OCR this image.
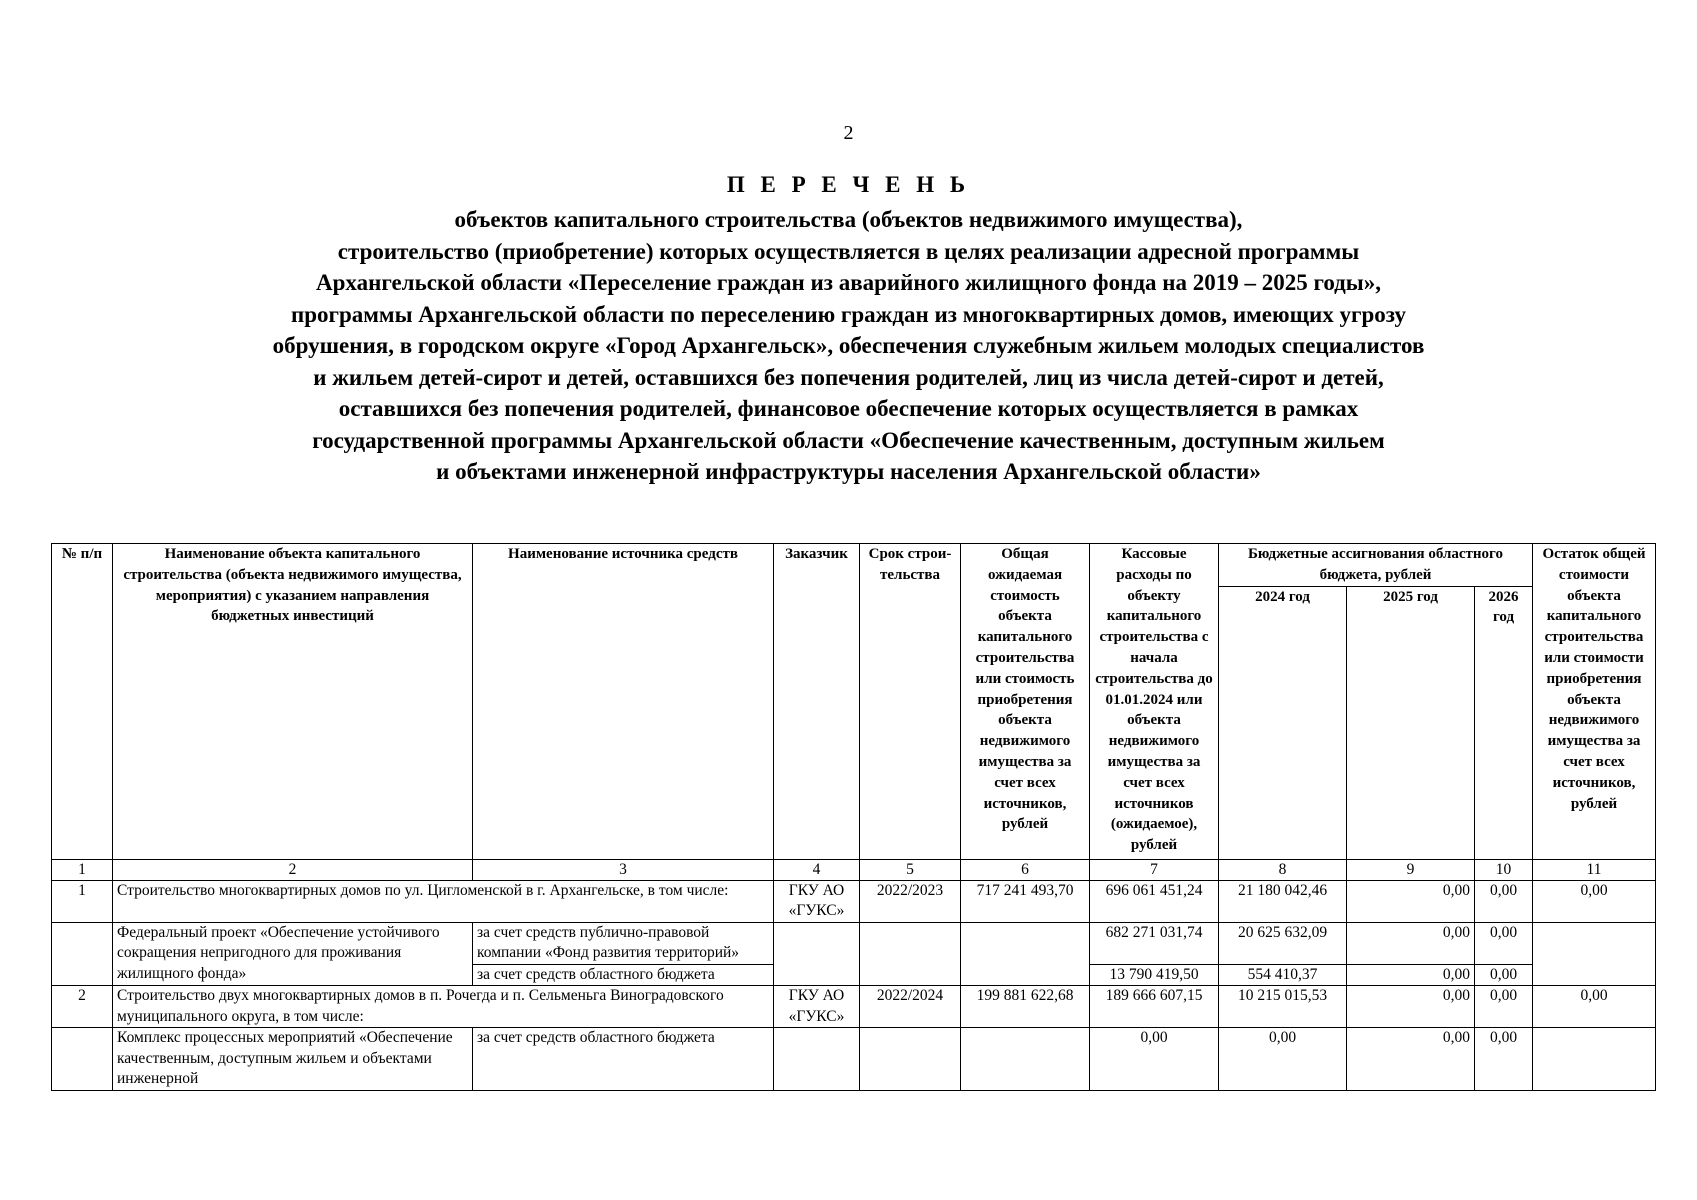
2
П Е Р Е Ч Е Н Ь
объектов капитального строительства (объектов недвижимого имущества),
строительство (приобретение) которых осуществляется в целях реализации адресной программы
Архангельской области «Переселение граждан из аварийного жилищного фонда на 2019 – 2025 годы»,
программы Архангельской области по переселению граждан из многоквартирных домов, имеющих угрозу
обрушения, в городском округе «Город Архангельск», обеспечения служебным жильем молодых специалистов
и жильем детей-сирот и детей, оставшихся без попечения родителей, лиц из числа детей-сирот и детей,
оставшихся без попечения родителей, финансовое обеспечение которых осуществляется в рамках
государственной программы Архангельской области «Обеспечение качественным, доступным жильем
и объектами инженерной инфраструктуры населения Архангельской области»
№ п/п	Наименование объекта капитального строительства (объекта недвижимого имущества, мероприятия) с указанием направления бюджетных инвестиций	Наименование источника средств	Заказчик	Срок строи- тельства	Общая ожидаемая стоимость объекта капитального строительства или стоимость приобретения объекта недвижимого имущества за счет всех источников, рублей	Кассовые расходы по объекту капитального строительства с начала строительства до 01.01.2024 или объекта недвижимого имущества за счет всех источников (ожидаемое), рублей	Бюджетные ассигнования областного бюджета, рублей			Остаток общей стоимости объекта капитального строительства или стоимости приобретения объекта недвижимого имущества за счет всех источников, рублей
							2024 год	2025 год	2026 год	
1	2	3	4	5	6	7	8	9	10	11
1	Строительство многоквартирных домов по ул. Цигломенской в г. Архангельске, в том числе:		ГКУ АО «ГУКС»	2022/2023	717 241 493,70	696 061 451,24	21 180 042,46	0,00	0,00	0,00
	Федеральный проект «Обеспечение устойчивого сокращения непригодного для проживания жилищного фонда»	за счет средств публично-правовой компании «Фонд развития территорий»				682 271 031,74	20 625 632,09	0,00	0,00	
		за счет средств областного бюджета				13 790 419,50	554 410,37	0,00	0,00	
2	Строительство двух многоквартирных домов в п. Рочегда и п. Сельменьга Виноградовского муниципального округа, в том числе:		ГКУ АО «ГУКС»	2022/2024	199 881 622,68	189 666 607,15	10 215 015,53	0,00	0,00	0,00
	Комплекс процессных мероприятий «Обеспечение качественным, доступным жильем и объектами инженерной	за счет средств областного бюджета				0,00	0,00	0,00	0,00	
